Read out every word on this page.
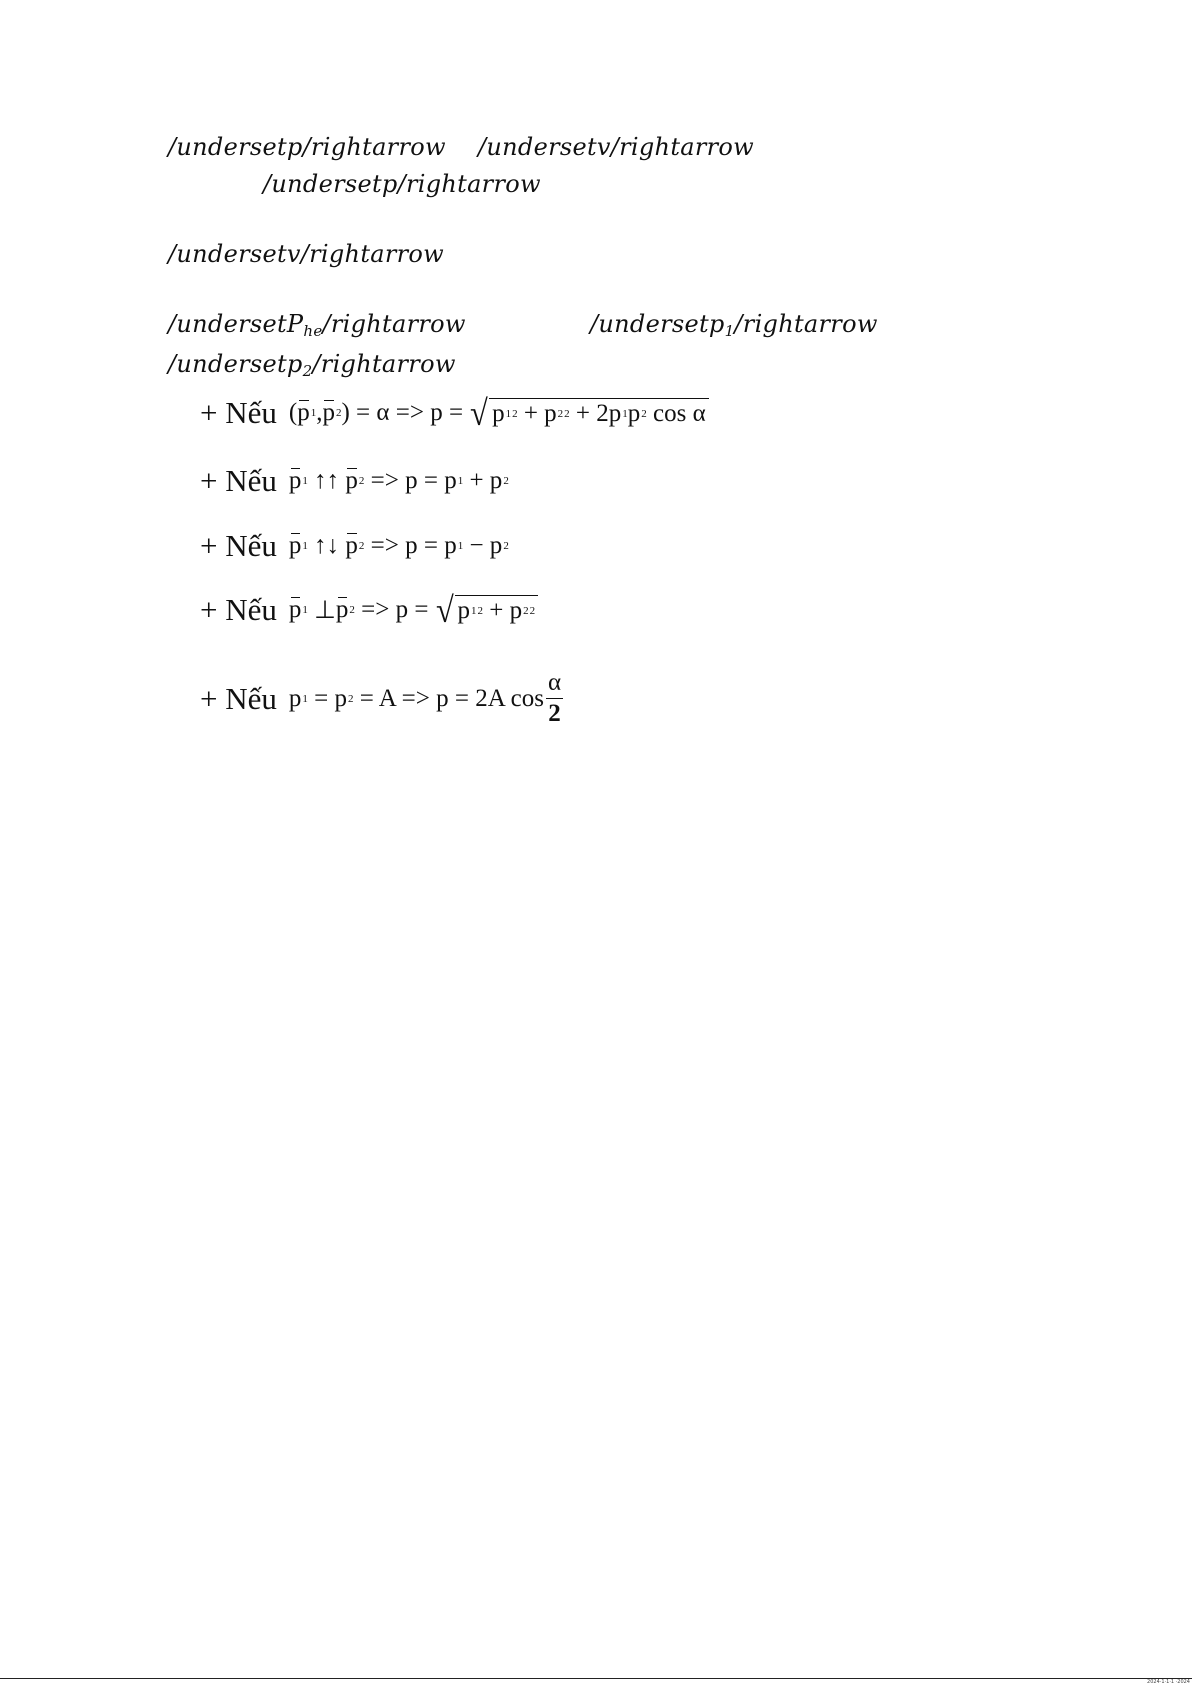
/undersetp/rightarrow /undersetv/rightarrow
/undersetp/rightarrow
/undersetv/rightarrow
/undersetP$_{he}$/rightarrow	/undersetp$_1$/rightarrow
/undersetp$_2$/rightarrow
+ Nếu ( p 1 , p 2 ) = α => p = √ p 1 2 + p 2 2 + 2p 1 p 2 cos α
+ Nếu p 1 ↑↑ p 2 => p = p 1 + p 2
+ Nếu p 1 ↑↓ p 2 => p = p 1 − p 2
+ Nếu p 1 ⊥ p 2 => p = √ p 1 2 + p 2 2
+ Nếu p 1 = p 2 = A => p = 2A $\cos \frac{\alpha}{2}$
2024·1·1·1 ·2024
